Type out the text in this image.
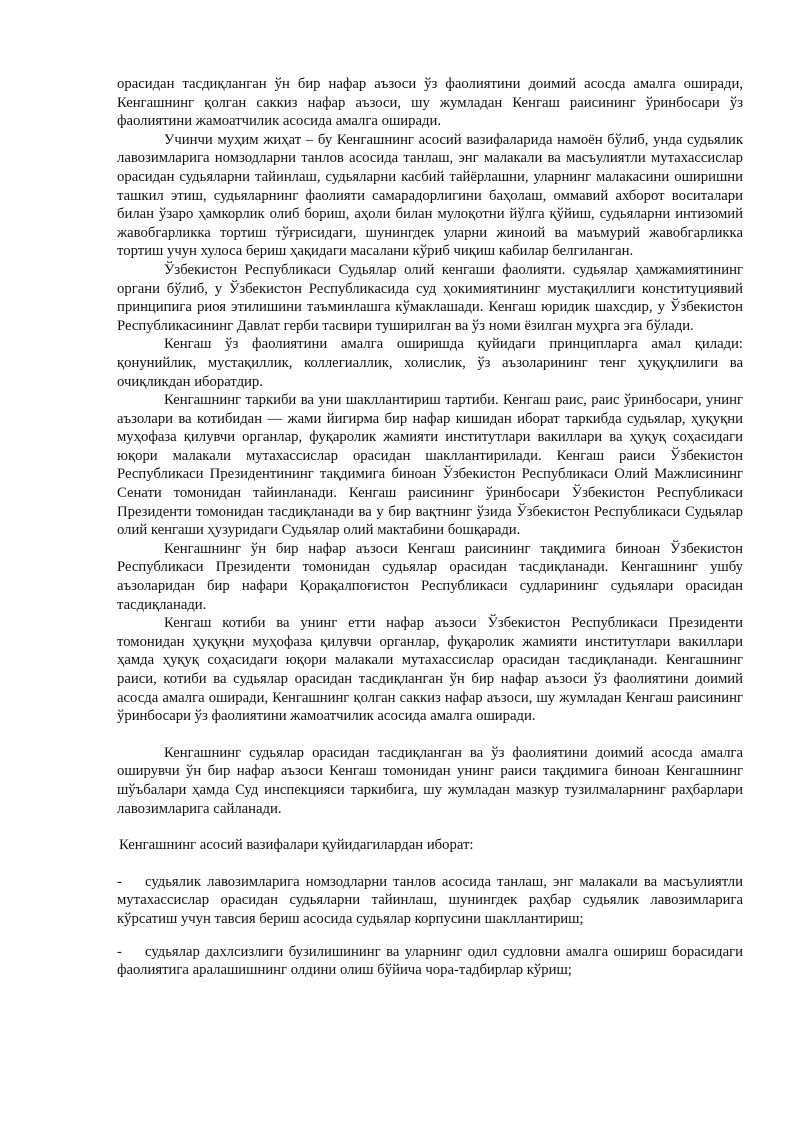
орасидан тасдиқланган ўн бир нафар аъзоси ўз фаолиятини доимий асосда амалга оширади, Кенгашнинг қолган саккиз нафар аъзоси, шу жумладан Кенгаш раисининг ўринбосари ўз фаолиятини жамоатчилик асосида амалга оширади.

Учинчи муҳим жиҳат – бу Кенгашнинг асосий вазифаларида намоён бўлиб, унда судьялик лавозимларига номзодларни танлов асосида танлаш, энг малакали ва масъулиятли мутахассислар орасидан судьяларни тайинлаш, судьяларни касбий тайёрлашни, уларнинг малакасини оширишни ташкил этиш, судьяларнинг фаолияти самарадорлигини баҳолаш, оммавий ахборот воситалари билан ўзаро ҳамкорлик олиб бориш, аҳоли билан мулоқотни йўлга қўйиш, судьяларни интизомий жавобгарликка тортиш тўғрисидаги, шунингдек уларни жиноий ва маъмурий жавобгарликка тортиш учун хулоса бериш ҳақидаги масалани кўриб чиқиш кабилар белгиланган.

Ўзбекистон Республикаси Судьялар олий кенгаши фаолияти. судьялар ҳамжамиятининг органи бўлиб, у Ўзбекистон Республикасида суд ҳокимиятининг мустақиллиги конституциявий принципига риоя этилишини таъминлашга кўмаклашади. Кенгаш юридик шахсдир, у Ўзбекистон Республикасининг Давлат герби тасвири туширилган ва ўз номи ёзилган муҳрга эга бўлади.

Кенгаш ўз фаолиятини амалга оширишда қуйидаги принципларга амал қилади: қонунийлик, мустақиллик, коллегиаллик, холислик, ўз аъзоларининг тенг ҳуқуқлилиги ва очиқликдан иборатдир.

Кенгашнинг таркиби ва уни шакллантириш тартиби. Кенгаш раис, раис ўринбосари, унинг аъзолари ва котибидан — жами йигирма бир нафар кишидан иборат таркибда судьялар, ҳуқуқни муҳофаза қилувчи органлар, фуқаролик жамияти институтлари вакиллари ва ҳуқуқ соҳасидаги юқори малакали мутахассислар орасидан шакллантирилади. Кенгаш раиси Ўзбекистон Республикаси Президентининг тақдимига биноан Ўзбекистон Республикаси Олий Мажлисининг Сенати томонидан тайинланади. Кенгаш раисининг ўринбосари Ўзбекистон Республикаси Президенти томонидан тасдиқланади ва у бир вақтнинг ўзида Ўзбекистон Республикаси Судьялар олий кенгаши ҳузуридаги Судьялар олий мактабини бошқаради.

Кенгашнинг ўн бир нафар аъзоси Кенгаш раисининг тақдимига биноан Ўзбекистон Республикаси Президенти томонидан судьялар орасидан тасдиқланади. Кенгашнинг ушбу аъзоларидан бир нафари Қорақалпоғистон Республикаси судларининг судьялари орасидан тасдиқланади.

Кенгаш котиби ва унинг етти нафар аъзоси Ўзбекистон Республикаси Президенти томонидан ҳуқуқни муҳофаза қилувчи органлар, фуқаролик жамияти институтлари вакиллари ҳамда ҳуқуқ соҳасидаги юқори малакали мутахассислар орасидан тасдиқланади. Кенгашнинг раиси, котиби ва судьялар орасидан тасдиқланган ўн бир нафар аъзоси ўз фаолиятини доимий асосда амалга оширади, Кенгашнинг қолган саккиз нафар аъзоси, шу жумладан Кенгаш раисининг ўринбосари ўз фаолиятини жамоатчилик асосида амалга оширади.

Кенгашнинг судьялар орасидан тасдиқланган ва ўз фаолиятини доимий асосда амалга оширувчи ўн бир нафар аъзоси Кенгаш томонидан унинг раиси тақдимига биноан Кенгашнинг шўъбалари ҳамда Суд инспекцияси таркибига, шу жумладан мазкур тузилмаларнинг раҳбарлари лавозимларига сайланади.

Кенгашнинг асосий вазифалари қуйидагилардан иборат:

- судьялик лавозимларига номзодларни танлов асосида танлаш, энг малакали ва масъулиятли мутахассислар орасидан судьяларни тайинлаш, шунингдек раҳбар судьялик лавозимларига кўрсатиш учун тавсия бериш асосида судьялар корпусини шакллантириш;

- судьялар дахлсизлиги бузилишининг ва уларнинг одил судловни амалга ошириш борасидаги фаолиятига аралашишнинг олдини олиш бўйича чора-тадбирлар кўриш;
